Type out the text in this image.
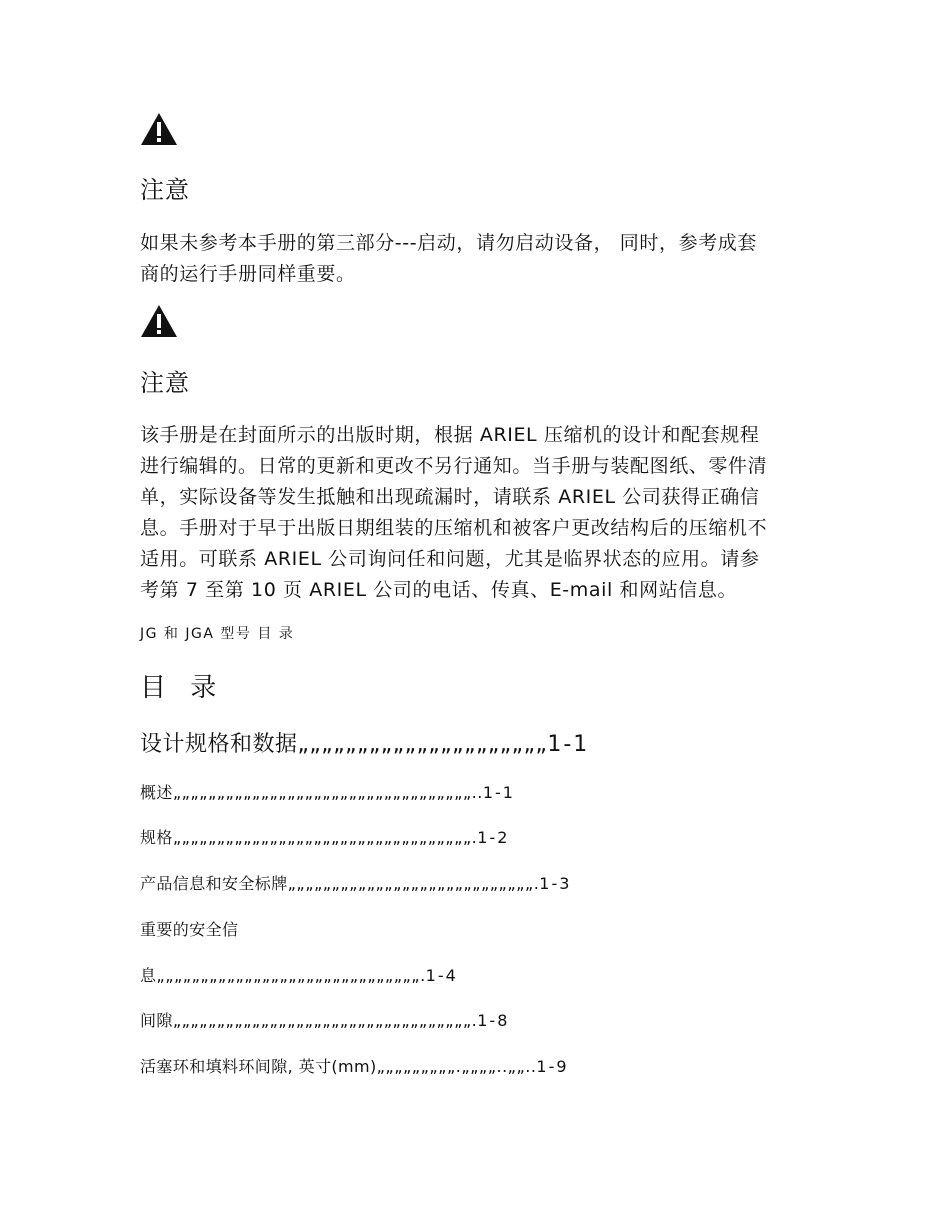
注意
如果未参考本手册的第三部分---启动，请勿启动设备， 同时，参考成套
商的运行手册同样重要。
注意
该手册是在封面所示的出版时期，根据 ARIEL 压缩机的设计和配套规程
进行编辑的。日常的更新和更改不另行通知。当手册与装配图纸、零件清
单，实际设备等发生抵触和出现疏漏时，请联系 ARIEL 公司获得正确信
息。手册对于早于出版日期组装的压缩机和被客户更改结构后的压缩机不
适用。可联系 ARIEL 公司询问任和问题，尤其是临界状态的应用。请参
考第 7 至第 10 页 ARIEL 公司的电话、传真、E-mail 和网站信息。
JG 和 JGA 型号 目 录
目 录
设计规格和数据„„„„„„„„„„„„„„„„„„„„„1-1
概述„„„„„„„„„„„„„„„„„„„„„„„„„„„„„„„„„„..1-1
规格„„„„„„„„„„„„„„„„„„„„„„„„„„„„„„„„„„.1-2
产品信息和安全标牌„„„„„„„„„„„„„„„„„„„„„„„„„„„„.1-3
重要的安全信
息„„„„„„„„„„„„„„„„„„„„„„„„„„„„„„.1-4
间隙„„„„„„„„„„„„„„„„„„„„„„„„„„„„„„„„„„.1-8
活塞环和填料环间隙, 英寸(mm)„„„„„„„„„.„„„„..„„..1-9
